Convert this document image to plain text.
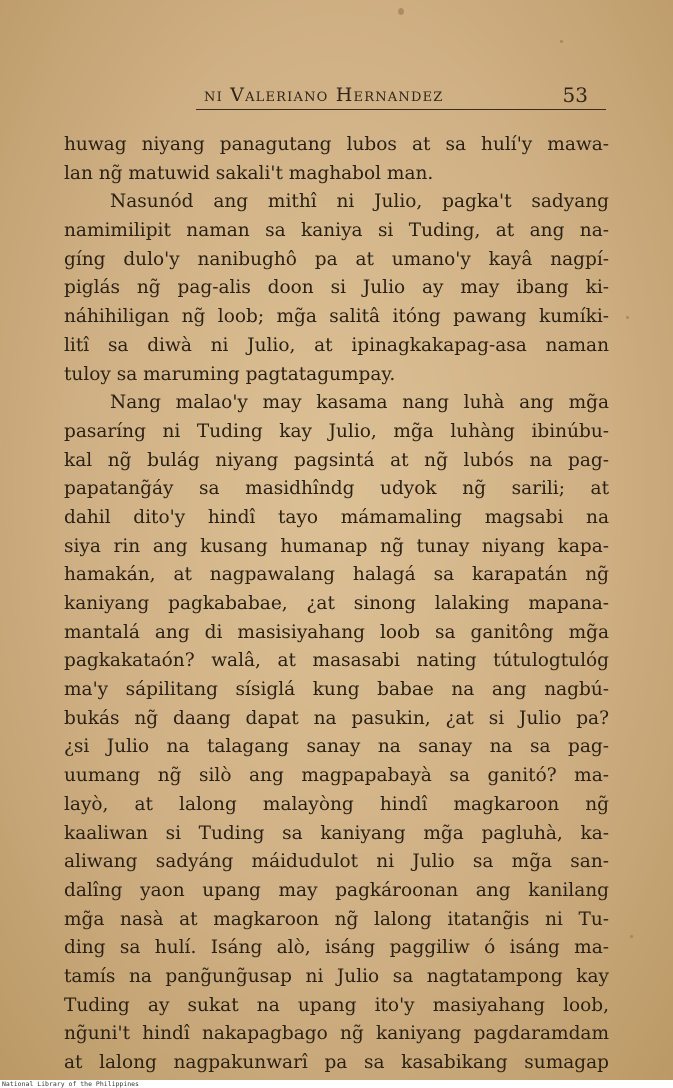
ni Valeriano Hernandez	53
huwag niyang panagutang lubos at sa hulí'y mawa-
lan ng̃ matuwid sakali't maghabol man.
Nasunód ang mithî ni Julio, pagka't sadyang
namimilipit naman sa kaniya si Tuding, at ang na-
gíng dulo'y nanibughô pa at umano'y kayâ nagpí-
piglás ng̃ pag-alis doon si Julio ay may ibang ki-
náhihiligan ng̃ loob; mg̃a salitâ itóng pawang kumíki-
litî sa diwà ni Julio, at ipinagkakapag-asa naman
tuloy sa maruming pagtatagumpay.
Nang malao'y may kasama nang luhà ang mg̃a
pasaríng ni Tuding kay Julio, mg̃a luhàng ibinúbu-
kal ng̃ bulág niyang pagsintá at ng̃ lubós na pag-
papatang̃áy sa masidhîndg udyok ng̃ sarili; at
dahil dito'y hindî tayo mámamaling magsabi na
siya rin ang kusang humanap ng̃ tunay niyang kapa-
hamakán, at nagpawalang halagá sa karapatán ng̃
kaniyang pagkababae, ¿at sinong lalaking mapana-
mantalá ang di masisiyahang loob sa ganitông mg̃a
pagkakataón? walâ, at masasabi nating tútulogtulóg
ma'y sápilitang sísiglá kung babae na ang nagbú-
bukás ng̃ daang dapat na pasukin, ¿at si Julio pa?
¿si Julio na talagang sanay na sanay na sa pag-
uumang ng̃ silò ang magpapabayà sa ganitó? ma-
layò, at lalong malayòng hindî magkaroon ng̃
kaaliwan si Tuding sa kaniyang mg̃a pagluhà, ka-
aliwang sadyáng máidudulot ni Julio sa mg̃a san-
dalîng yaon upang may pagkároonan ang kanilang
mg̃a nasà at magkaroon ng̃ lalong itatang̃is ni Tu-
ding sa hulí. Isáng alò, isáng paggiliw ó isáng ma-
tamís na pang̃ung̃usap ni Julio sa nagtatampong kay
Tuding ay sukat na upang ito'y masiyahang loob,
ng̃uni't hindî nakapagbago ng̃ kaniyang pagdaramdam
at lalong nagpakunwarî pa sa kasabikang sumagap
National Library of the Philippines
